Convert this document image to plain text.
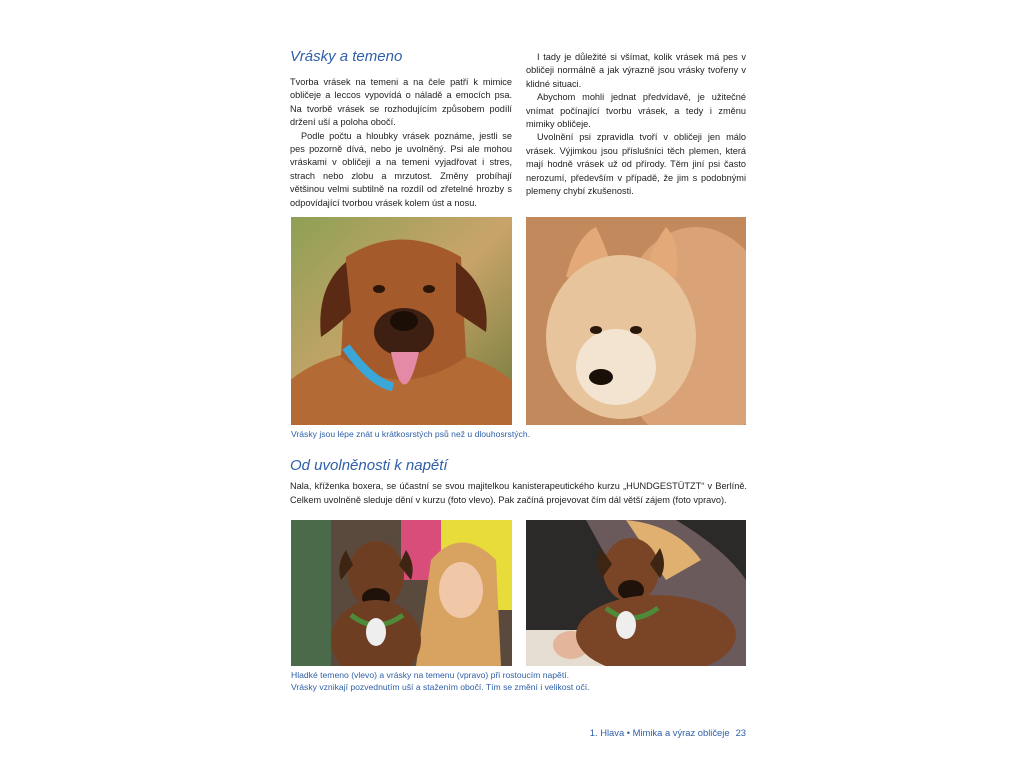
Vrásky a temeno

Tvorba vrásek na temeni a na čele patří k mimice obličeje a leccos vypovídá o náladě a emocích psa. Na tvorbě vrásek se rozhodujícím způsobem podílí držení uší a poloha obočí.

Podle počtu a hloubky vrásek poznáme, jestli se pes pozorně dívá, nebo je uvolněný. Psi ale mohou vráskami v obličeji a na temeni vyjadřovat i stres, strach nebo zlobu a mrzutost. Změny probíhají většinou velmi subtilně na rozdíl od zřetelné hrozby s odpovídající tvorbou vrásek kolem úst a nosu.

I tady je důležité si všímat, kolik vrásek má pes v obličeji normálně a jak výrazně jsou vrásky tvořeny v klidné situaci.

Abychom mohli jednat předvídavě, je užitečné vnímat počínající tvorbu vrásek, a tedy i změnu mimiky obličeje.

Uvolnění psi zpravidla tvoří v obličeji jen málo vrásek. Výjimkou jsou příslušníci těch plemen, která mají hodně vrásek už od přírody. Těm jiní psi často nerozumí, především v případě, že jim s podobnými plemeny chybí zkušenosti.

Vrásky jsou lépe znát u krátkosrstých psů než u dlouhosrstých.
Od uvolněnosti k napětí

Nala, kříženka boxera, se účastní se svou majitelkou kanisterapeutického kurzu „HUNDGESTÜTZT“ v Berlíně. Celkem uvolněně sleduje dění v kurzu (foto vlevo). Pak začíná projevovat čím dál větší zájem (foto vpravo).

Hladké temeno (vlevo) a vrásky na temenu (vpravo) při rostoucím napětí.
Vrásky vznikají pozvednutím uší a stažením obočí. Tím se změní i velikost očí.
1. Hlava • Mimika a výraz obličeje 23
